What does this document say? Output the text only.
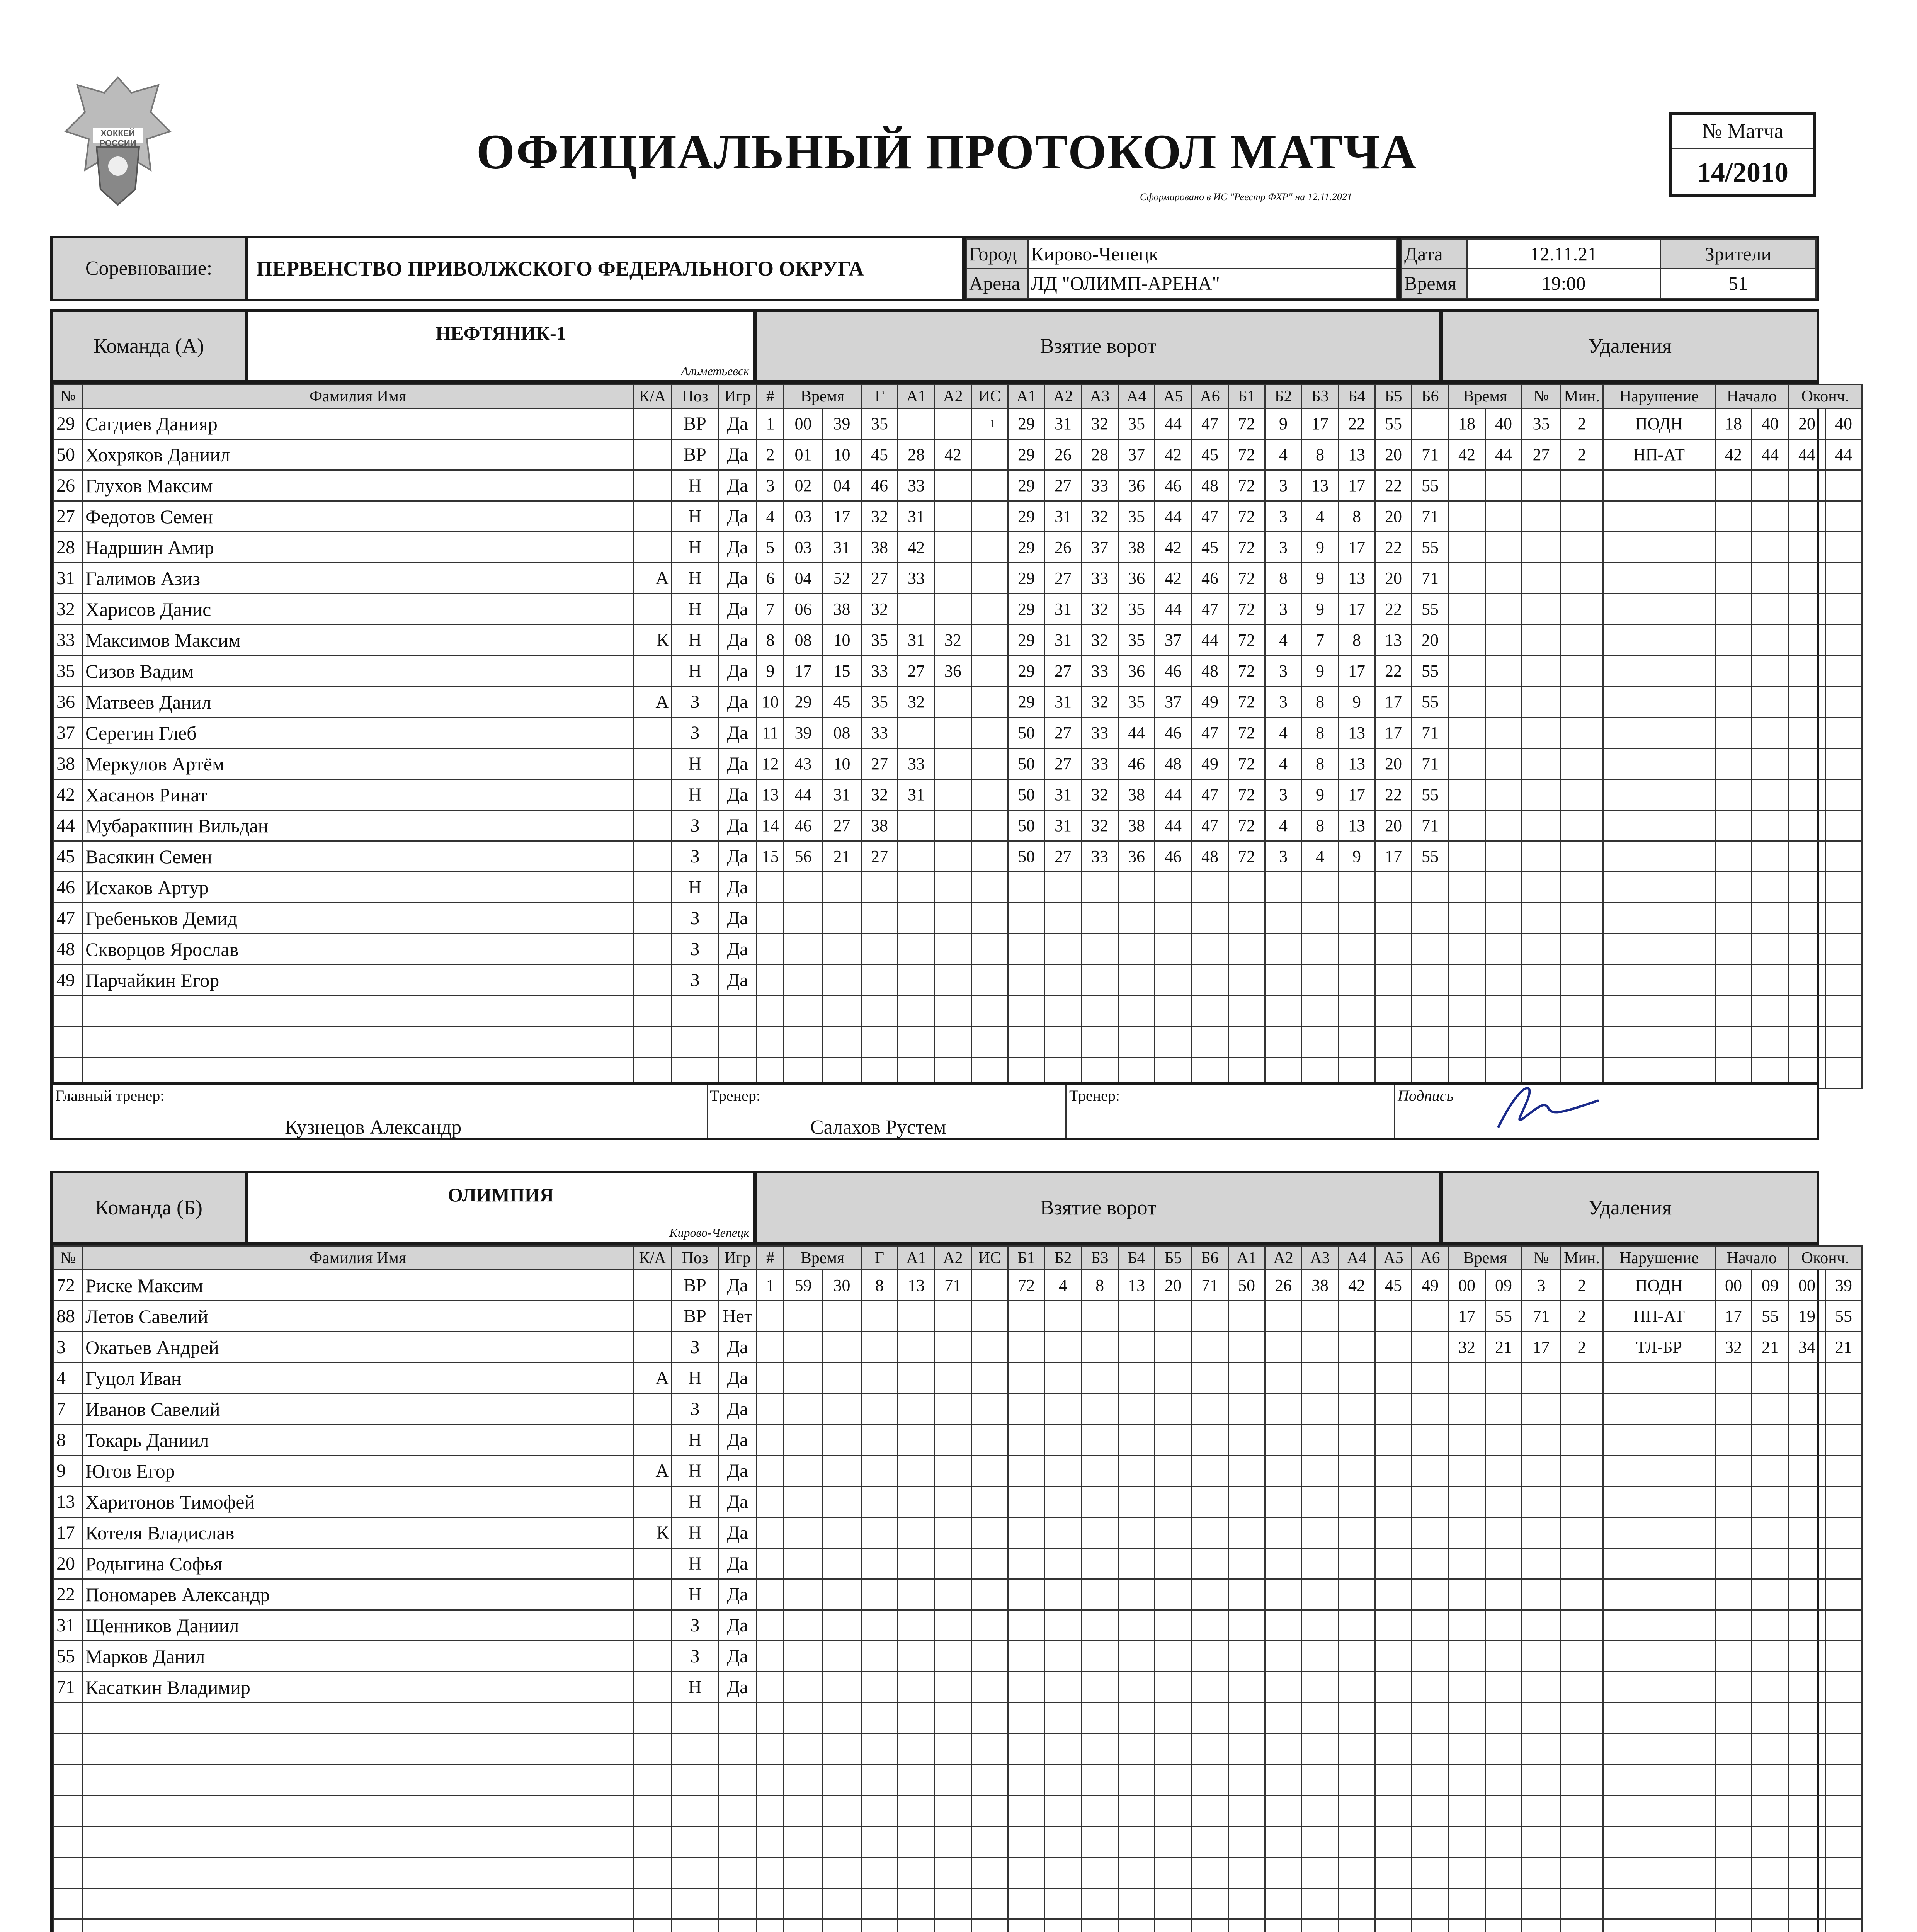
ХОККЕЙ РОССИИ	ОФИЦИАЛЬНЫЙ ПРОТОКОЛ МАТЧА
Сформировано в ИС "Реестр ФХР" на 12.11.2021
№ Матча
14/2010
Соревнование:	ПЕРВЕНСТВО ПРИВОЛЖСКОГО ФЕДЕРАЛЬНОГО ОКРУГА
Город	Кирово-Чепецк
Арена	ЛД "ОЛИМП-АРЕНА"
Дата	12.11.21	Зрители
Время	19:00	51
Команда (А)
НЕФТЯНИК-1
Альметьевск
Взятие ворот	Удаления
№	Фамилия Имя	К/А	Поз	Игр	#	Время		Г	А1	А2	ИС	А1	А2	А3	А4	А5	А6	Б1	Б2	Б3	Б4	Б5	Б6	Время		№	Мин.	Нарушение	Начало		Оконч.	
29	Сагдиев Данияр		ВР	Да	1	00	39	35			+1	29	31	32	35	44	47	72	9	17	22	55		18	40	35	2	ПОДН	18	40	20	40
50	Хохряков Даниил		ВР	Да	2	01	10	45	28	42		29	26	28	37	42	45	72	4	8	13	20	71	42	44	27	2	НП-АТ	42	44	44	44
26	Глухов Максим		Н	Да	3	02	04	46	33			29	27	33	36	46	48	72	3	13	17	22	55									
27	Федотов Семен		Н	Да	4	03	17	32	31			29	31	32	35	44	47	72	3	4	8	20	71									
28	Надршин Амир		Н	Да	5	03	31	38	42			29	26	37	38	42	45	72	3	9	17	22	55									
31	Галимов Азиз	А	Н	Да	6	04	52	27	33			29	27	33	36	42	46	72	8	9	13	20	71									
32	Харисов Данис		Н	Да	7	06	38	32				29	31	32	35	44	47	72	3	9	17	22	55									
33	Максимов Максим	К	Н	Да	8	08	10	35	31	32		29	31	32	35	37	44	72	4	7	8	13	20									
35	Сизов Вадим		Н	Да	9	17	15	33	27	36		29	27	33	36	46	48	72	3	9	17	22	55									
36	Матвеев Данил	А	З	Да	10	29	45	35	32			29	31	32	35	37	49	72	3	8	9	17	55									
37	Серегин Глеб		З	Да	11	39	08	33				50	27	33	44	46	47	72	4	8	13	17	71									
38	Меркулов Артём		Н	Да	12	43	10	27	33			50	27	33	46	48	49	72	4	8	13	20	71									
42	Хасанов Ринат		Н	Да	13	44	31	32	31			50	31	32	38	44	47	72	3	9	17	22	55									
44	Мубаракшин Вильдан		З	Да	14	46	27	38				50	31	32	38	44	47	72	4	8	13	20	71									
45	Васякин Семен		З	Да	15	56	21	27				50	27	33	36	46	48	72	3	4	9	17	55									
46	Исхаков Артур		Н	Да																												
47	Гребеньков Демид		З	Да																												
48	Скворцов Ярослав		З	Да																												
49	Парчайкин Егор		З	Да																												

Главный тренер:
Кузнецов Александр
Тренер:
Салахов Рустем
Тренер:	Подпись
Команда (Б)
ОЛИМПИЯ
Кирово-Чепецк
Взятие ворот	Удаления
№	Фамилия Имя	К/А	Поз	Игр	#	Время		Г	А1	А2	ИС	Б1	Б2	Б3	Б4	Б5	Б6	А1	А2	А3	А4	А5	А6	Время		№	Мин.	Нарушение	Начало		Оконч.	
72	Риске Максим		ВР	Да	1	59	30	8	13	71		72	4	8	13	20	71	50	26	38	42	45	49	00	09	3	2	ПОДН	00	09	00	39
88	Летов Савелий		ВР	Нет																				17	55	71	2	НП-АТ	17	55	19	55
3	Окатьев Андрей		З	Да																				32	21	17	2	ТЛ-БР	32	21	34	21
4	Гуцол Иван	А	Н	Да																												
7	Иванов Савелий		З	Да																												
8	Токарь Даниил		Н	Да																												
9	Югов Егор	А	Н	Да																												
13	Харитонов Тимофей		Н	Да																												
17	Котеля Владислав	К	Н	Да																												
20	Родыгина Софья		Н	Да																												
22	Пономарев Александр		Н	Да																												
31	Щенников Даниил		З	Да																												
55	Марков Данил		З	Да																												
71	Касаткин Владимир		Н	Да																												
